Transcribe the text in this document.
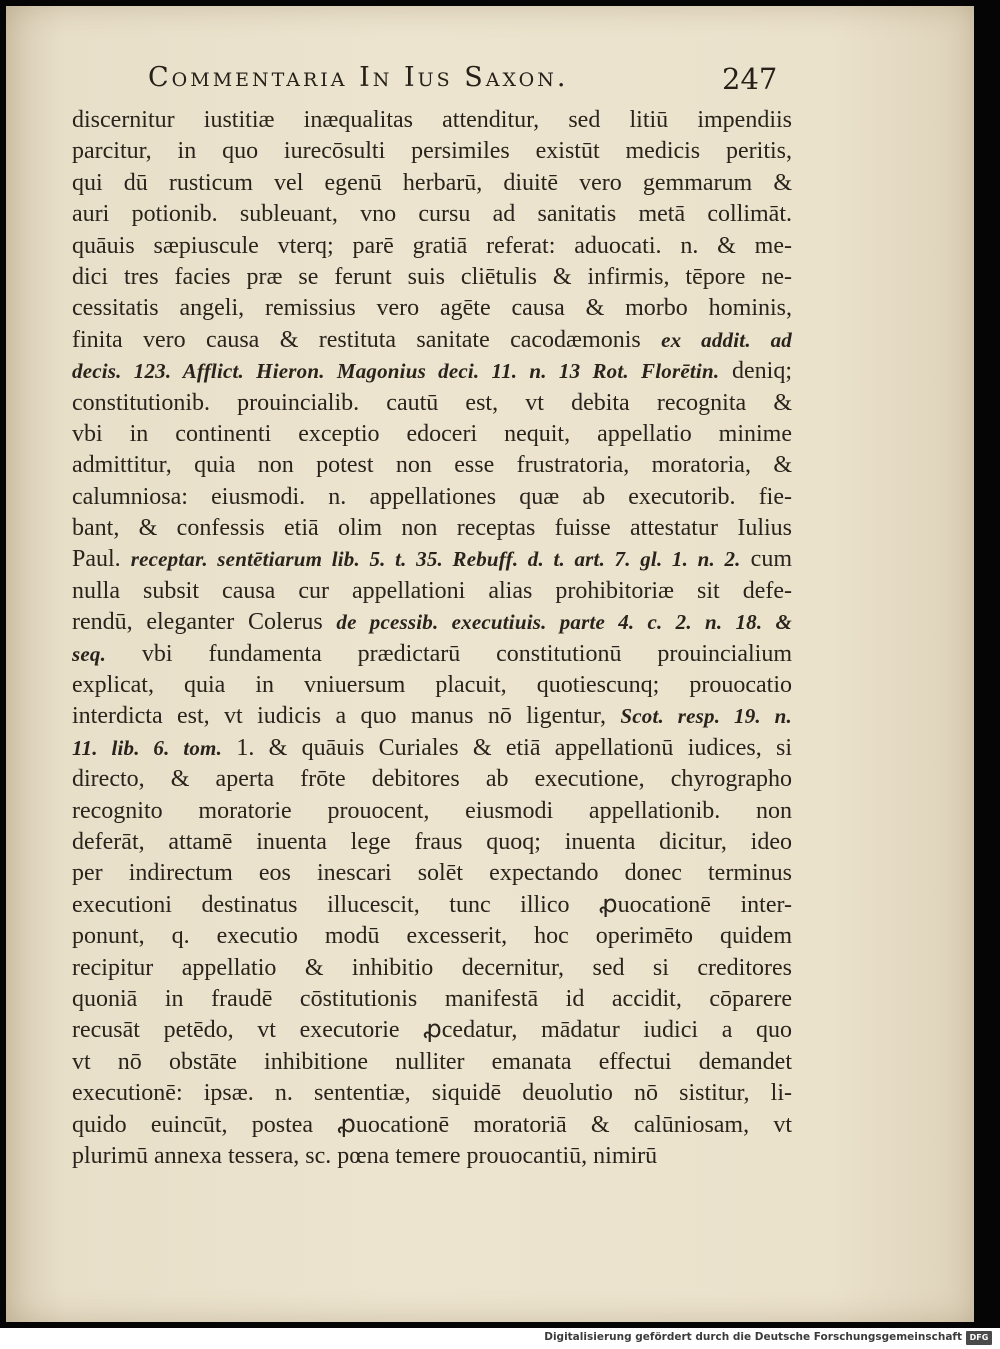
Commentaria In Ius Saxon.	247
discernitur iustitiæ inæqualitas attenditur, sed litiū impendiis
parcitur, in quo iurecōsulti persimiles existūt medicis peritis,
qui dū rusticum vel egenū herbarū, diuitē vero gemmarum &
auri potionib. subleuant, vno cursu ad sanitatis metā collimāt.
quāuis sæpiuscule vterq; parē gratiā referat: aduocati. n. & me-
dici tres facies præ se ferunt suis cliētulis & infirmis, tēpore ne-
cessitatis angeli, remissius vero agēte causa & morbo hominis,
finita vero causa & restituta sanitate cacodæmonis ex addit. ad
decis. 123. Afflict. Hieron. Magonius deci. 11. n. 13 Rot. Florētin. deniq;
constitutionib. prouincialib. cautū est, vt debita recognita &
vbi in continenti exceptio edoceri nequit, appellatio minime
admittitur, quia non potest non esse frustratoria, moratoria, &
calumniosa: eiusmodi. n. appellationes quæ ab executorib. fie-
bant, & confessis etiā olim non receptas fuisse attestatur Iulius
Paul. receptar. sentētiarum lib. 5. t. 35. Rebuff. d. t. art. 7. gl. 1. n. 2. cum
nulla subsit causa cur appellationi alias prohibitoriæ sit defe-
rendū, eleganter Colerus de pcessib. executiuis. parte 4. c. 2. n. 18. &
seq. vbi fundamenta prædictarū constitutionū prouincialium
explicat, quia in vniuersum placuit, quotiescunq; prouocatio
interdicta est, vt iudicis a quo manus nō ligentur, Scot. resp. 19. n.
11. lib. 6. tom. 1. & quāuis Curiales & etiā appellationū iudices, si
directo, & aperta frōte debitores ab executione, chyrographo
recognito moratorie prouocent, eiusmodi appellationib. non
deferāt, attamē inuenta lege fraus quoq; inuenta dicitur, ideo
per indirectum eos inescari solēt expectando donec terminus
executioni destinatus illucescit, tunc illico ꝓuocationē inter-
ponunt, q. executio modū excesserit, hoc operimēto quidem
recipitur appellatio & inhibitio decernitur, sed si creditores
quoniā in fraudē cōstitutionis manifestā id accidit, cōparere
recusāt petēdo, vt executorie ꝓcedatur, mādatur iudici a quo
vt nō obstāte inhibitione nulliter emanata effectui demandet
executionē: ipsæ. n. sententiæ, siquidē deuolutio nō sistitur, li-
quido euincūt, postea ꝓuocationē moratoriā & calūniosam, vt
plurimū annexa tessera, sc. pœna temere prouocantiū, nimirū
Digitalisierung gefördert durch die Deutsche Forschungsgemeinschaft DFG
